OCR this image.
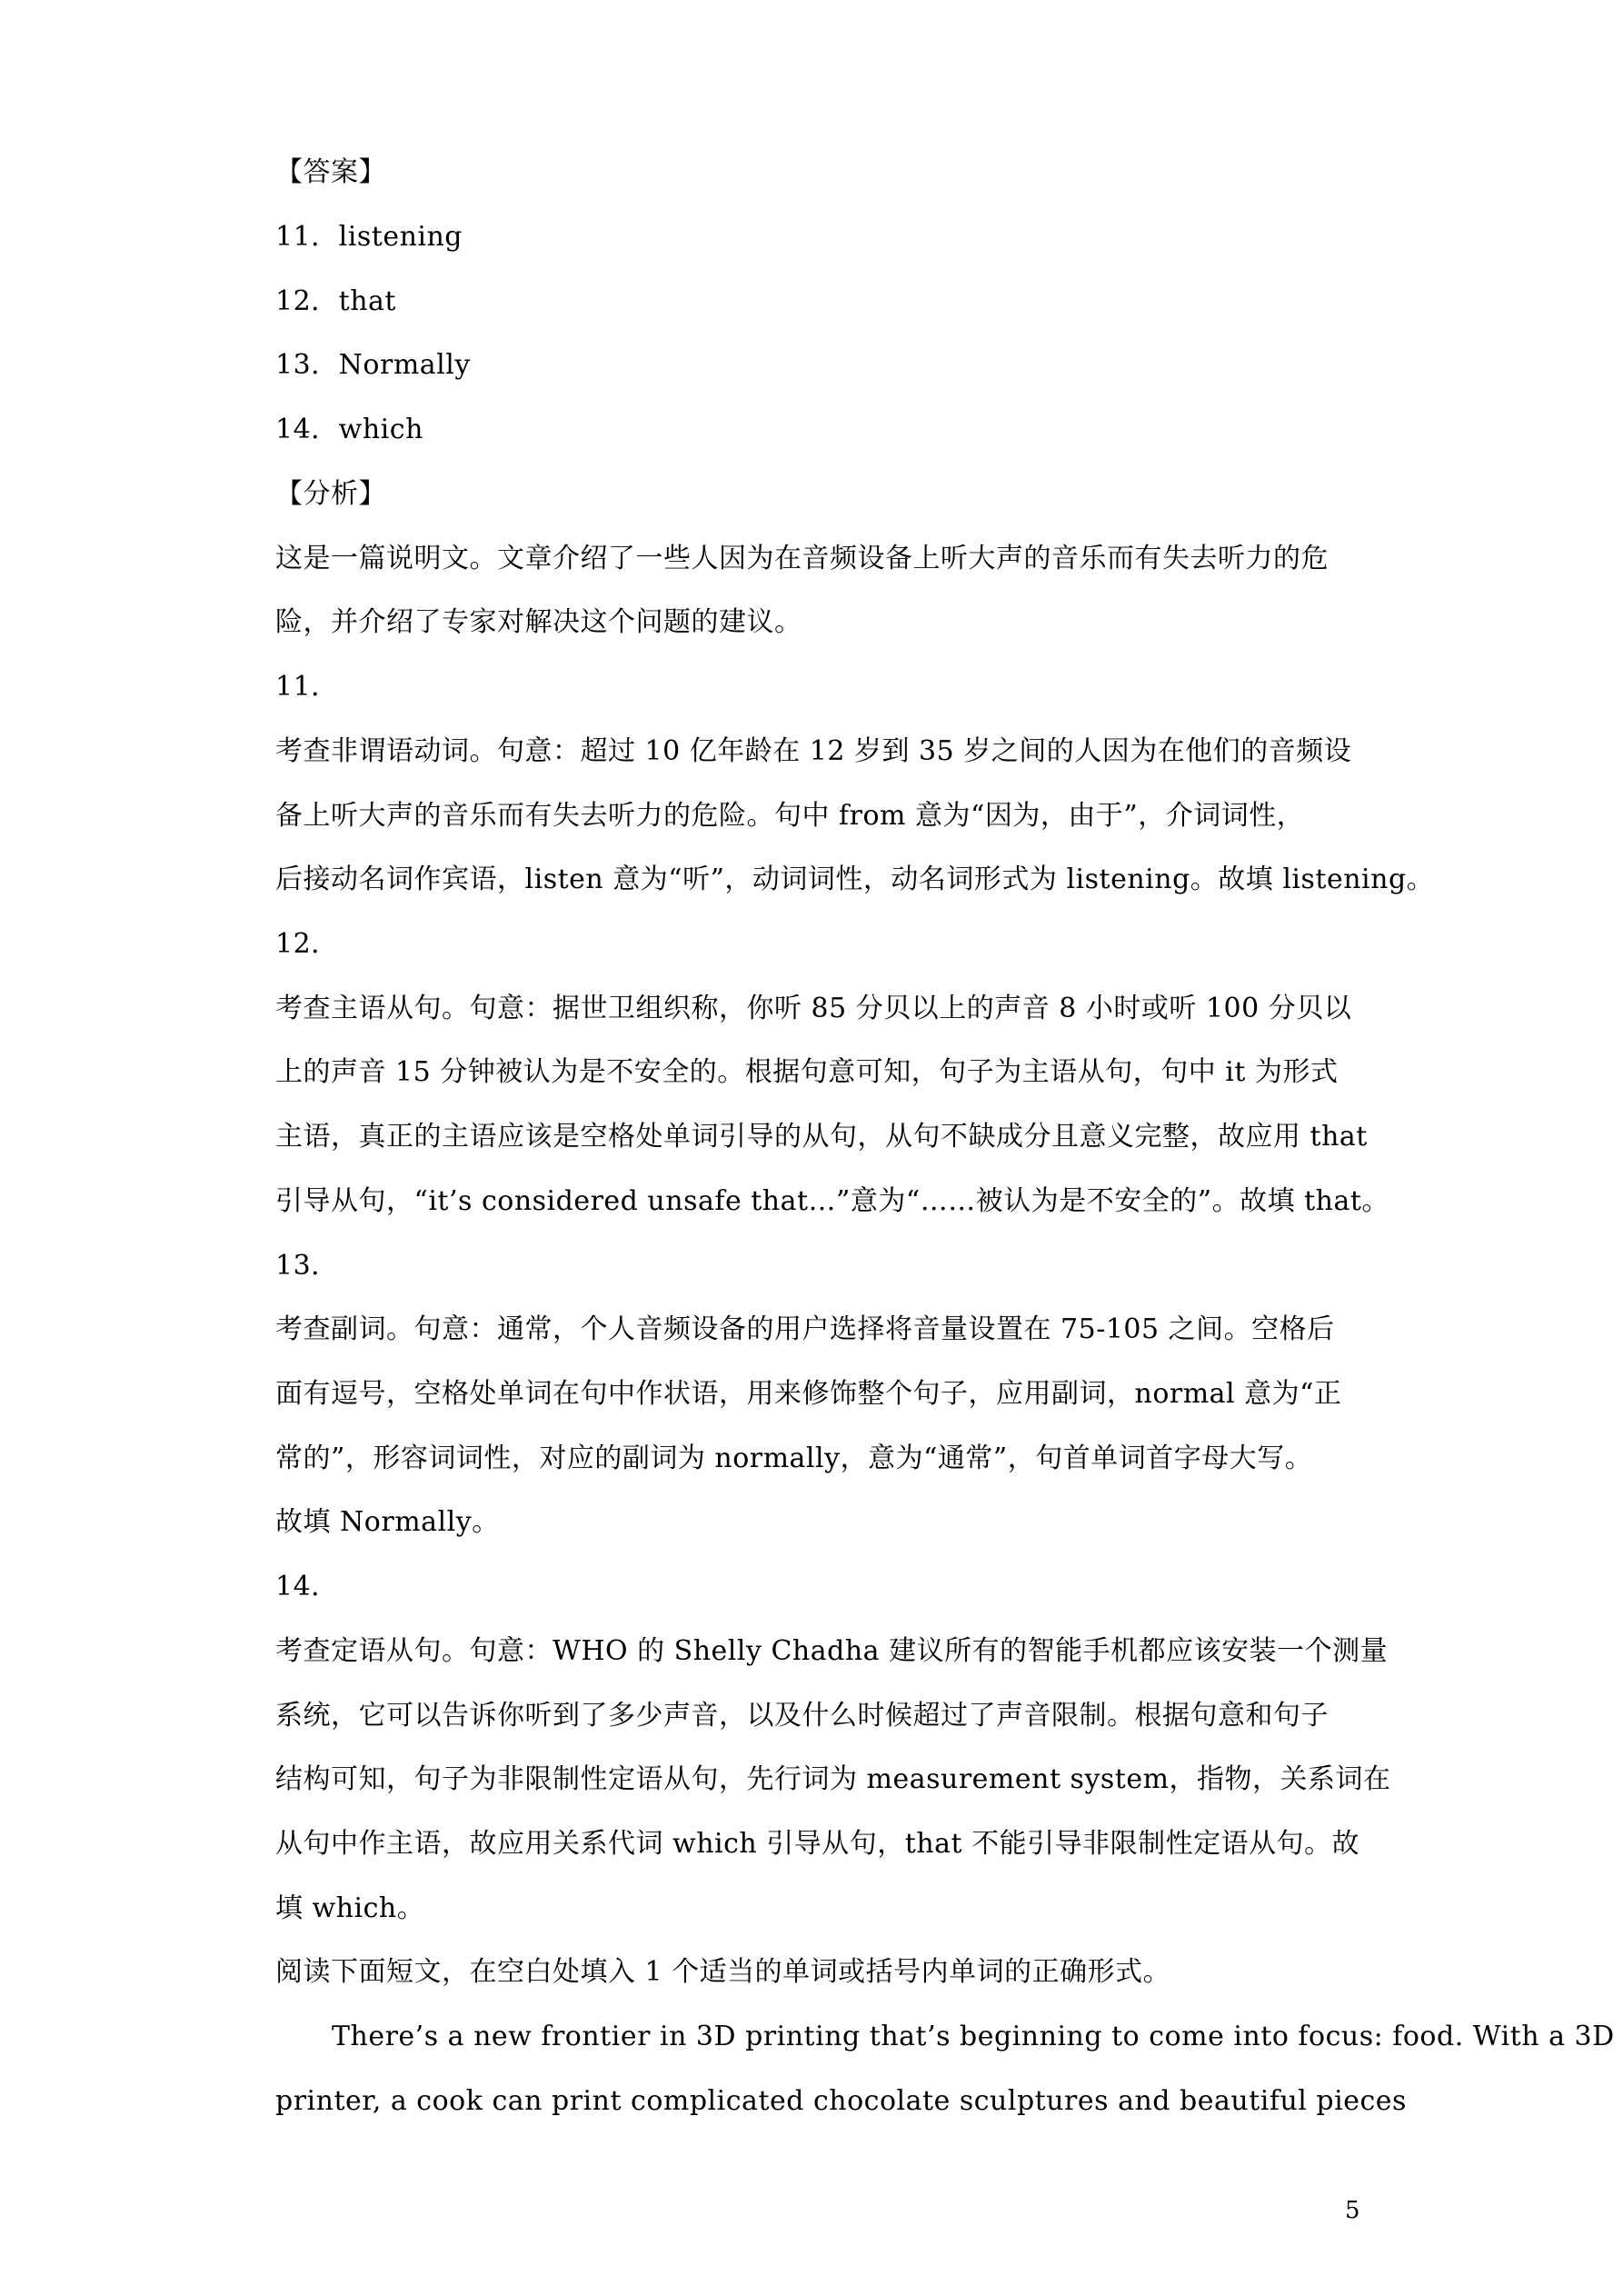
【答案】
11．listening
12．that
13．Normally
14．which
【分析】
这是一篇说明文。文章介绍了一些人因为在音频设备上听大声的音乐而有失去听力的危
险，并介绍了专家对解决这个问题的建议。
11．
考查非谓语动词。句意：超过 10 亿年龄在 12 岁到 35 岁之间的人因为在他们的音频设
备上听大声的音乐而有失去听力的危险。句中 from 意为“因为，由于”，介词词性，
后接动名词作宾语，listen 意为“听”，动词词性，动名词形式为 listening。故填 listening。
12．
考查主语从句。句意：据世卫组织称，你听 85 分贝以上的声音 8 小时或听 100 分贝以
上的声音 15 分钟被认为是不安全的。根据句意可知，句子为主语从句，句中 it 为形式
主语，真正的主语应该是空格处单词引导的从句，从句不缺成分且意义完整，故应用 that
引导从句，“it’s considered unsafe that…”意为“……被认为是不安全的”。故填 that。
13．
考查副词。句意：通常，个人音频设备的用户选择将音量设置在 75-105 之间。空格后
面有逗号，空格处单词在句中作状语，用来修饰整个句子，应用副词，normal 意为“正
常的”，形容词词性，对应的副词为 normally，意为“通常”，句首单词首字母大写。
故填 Normally。
14．
考查定语从句。句意：WHO 的 Shelly Chadha 建议所有的智能手机都应该安装一个测量
系统，它可以告诉你听到了多少声音，以及什么时候超过了声音限制。根据句意和句子
结构可知，句子为非限制性定语从句，先行词为 measurement system，指物，关系词在
从句中作主语，故应用关系代词 which 引导从句，that 不能引导非限制性定语从句。故
填 which。
阅读下面短文，在空白处填入 1 个适当的单词或括号内单词的正确形式。
There’s a new frontier in 3D printing that’s beginning to come into focus: food. With a 3D
printer, a cook can print complicated chocolate sculptures and beautiful pieces
5
